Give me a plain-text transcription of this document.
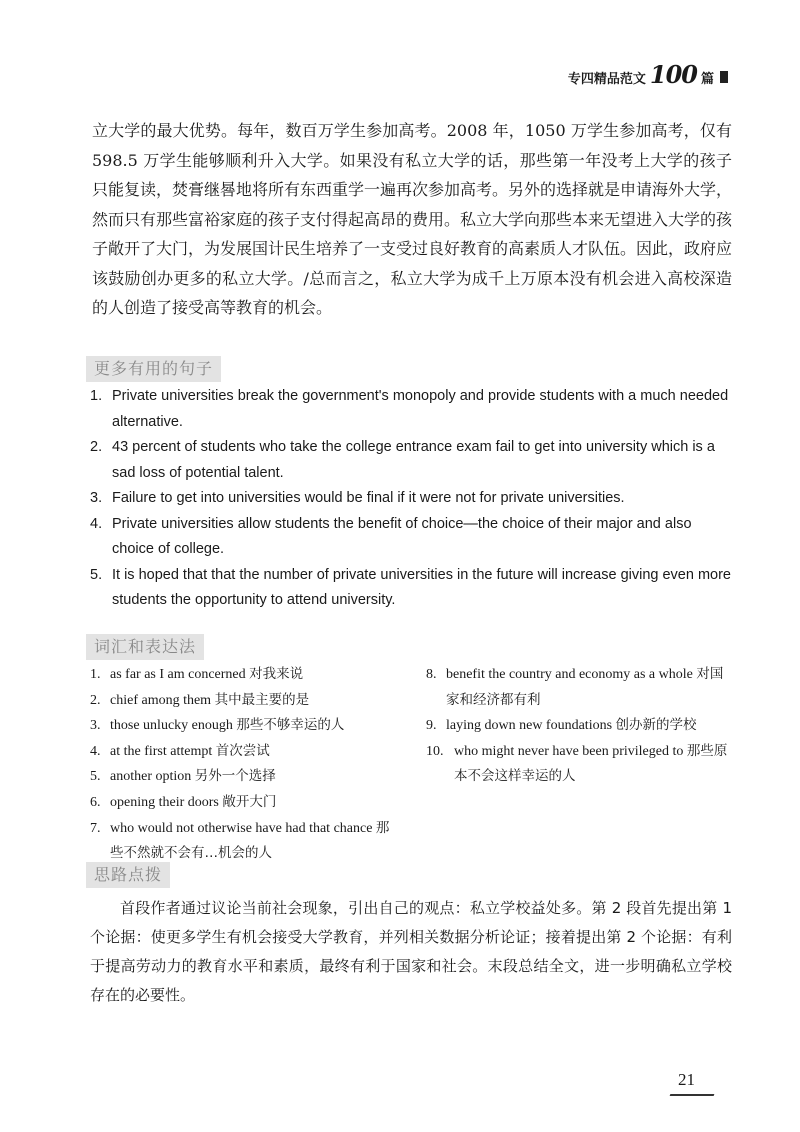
专四精品范文 100 篇

立大学的最大优势。每年，数百万学生参加高考。2008 年，1050 万学生参加高考，仅有 598.5 万学生能够顺利升入大学。如果没有私立大学的话，那些第一年没考上大学的孩子只能复读，焚膏继晷地将所有东西重学一遍再次参加高考。另外的选择就是申请海外大学，然而只有那些富裕家庭的孩子支付得起高昂的费用。私立大学向那些本来无望进入大学的孩子敞开了大门，为发展国计民生培养了一支受过良好教育的高素质人才队伍。因此，政府应该鼓励创办更多的私立大学。/总而言之，私立大学为成千上万原本没有机会进入高校深造的人创造了接受高等教育的机会。

更多有用的句子
1. Private universities break the government's monopoly and provide students with a much needed alternative.
2. 43 percent of students who take the college entrance exam fail to get into university which is a sad loss of potential talent.
3. Failure to get into universities would be final if it were not for private universities.
4. Private universities allow students the benefit of choice—the choice of their major and also choice of college.
5. It is hoped that that the number of private universities in the future will increase giving even more students the opportunity to attend university.
词汇和表达法
1. as far as I am concerned 对我来说
2. chief among them 其中最主要的是
3. those unlucky enough 那些不够幸运的人
4. at the first attempt 首次尝试
5. another option 另外一个选择
6. opening their doors 敞开大门
7. who would not otherwise have had that chance 那些不然就不会有…机会的人
8. benefit the country and economy as a whole 对国家和经济都有利
9. laying down new foundations 创办新的学校
10. who might never have been privileged to 那些原本不会这样幸运的人
思路点拨

首段作者通过议论当前社会现象，引出自己的观点：私立学校益处多。第 2 段首先提出第 1 个论据：使更多学生有机会接受大学教育，并列相关数据分析论证；接着提出第 2 个论据：有利于提高劳动力的教育水平和素质，最终有利于国家和社会。末段总结全文，进一步明确私立学校存在的必要性。

21
